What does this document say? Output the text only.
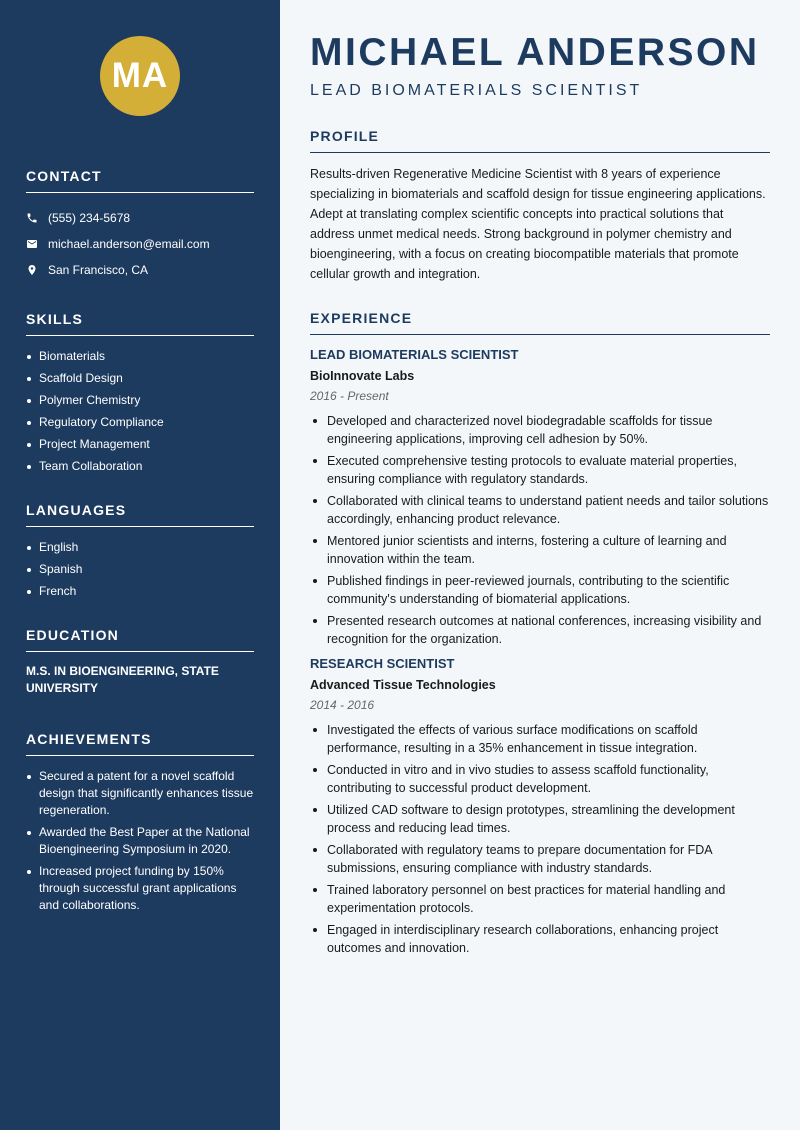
MA
CONTACT
(555) 234-5678
michael.anderson@email.com
San Francisco, CA
SKILLS
Biomaterials
Scaffold Design
Polymer Chemistry
Regulatory Compliance
Project Management
Team Collaboration
LANGUAGES
English
Spanish
French
EDUCATION

M.S. IN BIOENGINEERING, STATE UNIVERSITY

ACHIEVEMENTS
Secured a patent for a novel scaffold design that significantly enhances tissue regeneration.
Awarded the Best Paper at the National Bioengineering Symposium in 2020.
Increased project funding by 150% through successful grant applications and collaborations.
MICHAEL ANDERSON

LEAD BIOMATERIALS SCIENTIST

PROFILE

Results-driven Regenerative Medicine Scientist with 8 years of experience specializing in biomaterials and scaffold design for tissue engineering applications. Adept at translating complex scientific concepts into practical solutions that address unmet medical needs. Strong background in polymer chemistry and bioengineering, with a focus on creating biocompatible materials that promote cellular growth and integration.

EXPERIENCE
LEAD BIOMATERIALS SCIENTIST

BioInnovate Labs

2016 - Present

Developed and characterized novel biodegradable scaffolds for tissue engineering applications, improving cell adhesion by 50%.
Executed comprehensive testing protocols to evaluate material properties, ensuring compliance with regulatory standards.
Collaborated with clinical teams to understand patient needs and tailor solutions accordingly, enhancing product relevance.
Mentored junior scientists and interns, fostering a culture of learning and innovation within the team.
Published findings in peer-reviewed journals, contributing to the scientific community's understanding of biomaterial applications.
Presented research outcomes at national conferences, increasing visibility and recognition for the organization.
RESEARCH SCIENTIST

Advanced Tissue Technologies

2014 - 2016

Investigated the effects of various surface modifications on scaffold performance, resulting in a 35% enhancement in tissue integration.
Conducted in vitro and in vivo studies to assess scaffold functionality, contributing to successful product development.
Utilized CAD software to design prototypes, streamlining the development process and reducing lead times.
Collaborated with regulatory teams to prepare documentation for FDA submissions, ensuring compliance with industry standards.
Trained laboratory personnel on best practices for material handling and experimentation protocols.
Engaged in interdisciplinary research collaborations, enhancing project outcomes and innovation.
